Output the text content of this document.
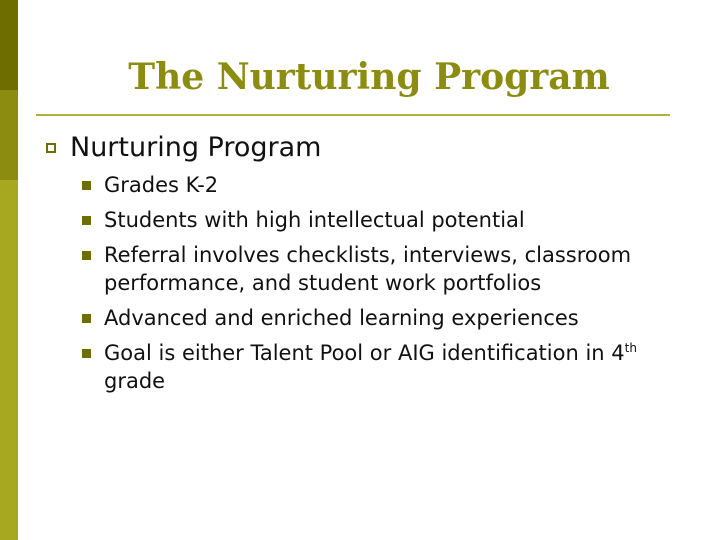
The Nurturing Program
Nurturing Program
Grades K-2
Students with high intellectual potential
Referral involves checklists, interviews, classroom performance, and student work portfolios
Advanced and enriched learning experiences
Goal is either Talent Pool or AIG identification in 4th grade
